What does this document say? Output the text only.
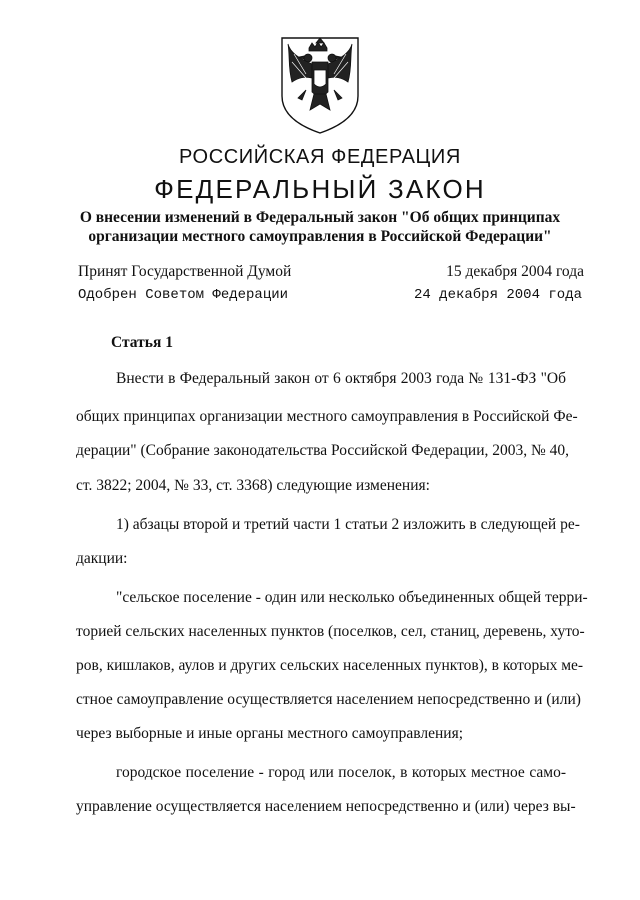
РОССИЙСКАЯ ФЕДЕРАЦИЯ
ФЕДЕРАЛЬНЫЙ ЗАКОН
О внесении изменений в Федеральный закон "Об общих принципах
организации местного самоуправления в Российской Федерации"
Принят Государственной Думой	15 декабря 2004 года
Одобрен Советом Федерации	24 декабря 2004 года
Статья 1
Внести в Федеральный закон от 6 октября 2003 года № 131-ФЗ "Об
общих принципах организации местного самоуправления в Российской Фе-
дерации" (Собрание законодательства Российской Федерации, 2003, № 40,
ст. 3822; 2004, № 33, ст. 3368) следующие изменения:
1) абзацы второй и третий части 1 статьи 2 изложить в следующей ре-
дакции:
"сельское поселение - один или несколько объединенных общей терри-
торией сельских населенных пунктов (поселков, сел, станиц, деревень, хуто-
ров, кишлаков, аулов и других сельских населенных пунктов), в которых ме-
стное самоуправление осуществляется населением непосредственно и (или)
через выборные и иные органы местного самоуправления;
городское поселение - город или поселок, в которых местное само-
управление осуществляется населением непосредственно и (или) через вы-
